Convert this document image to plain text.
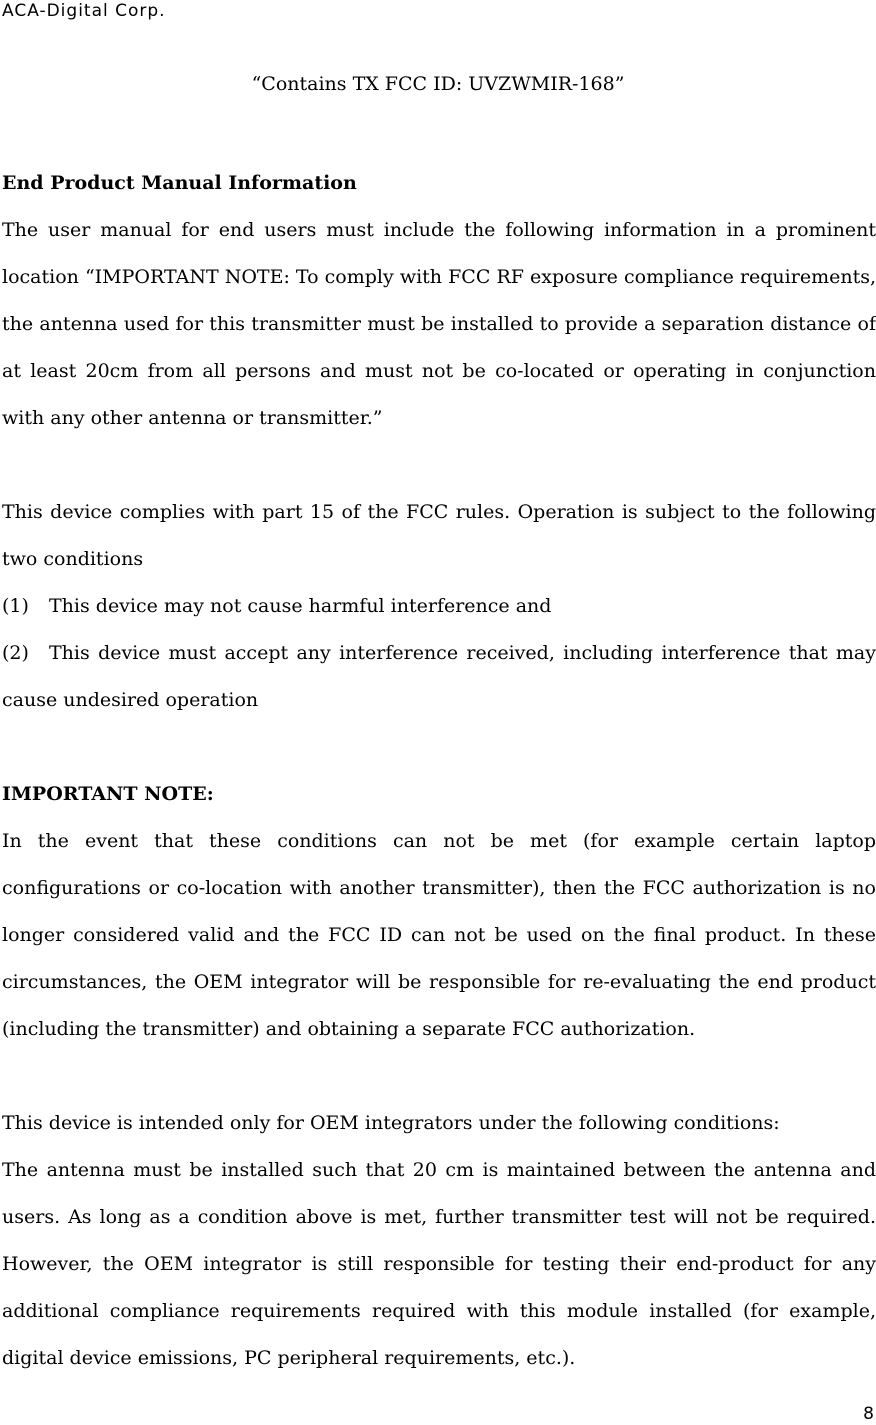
ACA-Digital Corp.
“Contains TX FCC ID: UVZWMIR-168”

End Product Manual Information

The user manual for end users must include the following information in a prominent location “IMPORTANT NOTE: To comply with FCC RF exposure compliance requirements, the antenna used for this transmitter must be installed to provide a separation distance of at least 20cm from all persons and must not be co-located or operating in conjunction with any other antenna or transmitter.”

This device complies with part 15 of the FCC rules. Operation is subject to the following two conditions

(1) This device may not cause harmful interference and

(2) This device must accept any interference received, including interference that may cause undesired operation

IMPORTANT NOTE:

In the event that these conditions can not be met (for example certain laptop configurations or co-location with another transmitter), then the FCC authorization is no longer considered valid and the FCC ID can not be used on the final product. In these circumstances, the OEM integrator will be responsible for re-evaluating the end product (including the transmitter) and obtaining a separate FCC authorization.

This device is intended only for OEM integrators under the following conditions:

The antenna must be installed such that 20 cm is maintained between the antenna and users. As long as a condition above is met, further transmitter test will not be required. However, the OEM integrator is still responsible for testing their end-product for any additional compliance requirements required with this module installed (for example, digital device emissions, PC peripheral requirements, etc.).

8
